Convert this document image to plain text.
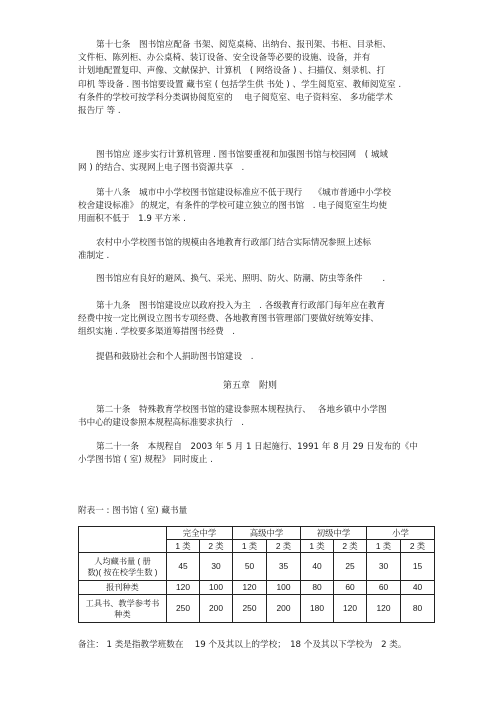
第十七条　图书馆应配备 书架、阅览桌椅、出纳台、报刊架、书柜、目录柜、
文件柜、陈列柜、办公桌椅、装订设备、安全设备等必要的设施、设备，并有
计划地配置复印、声像、文献保护、计算机　( 网络设备 ) 、扫描仪、刻录机、打
印机 等设备 . 图书馆要设置 藏书室 ( 包括学生供 书处 ) 、学生阅览室、教师阅览室 .
有条件的学校可按学科分类调协阅览室的　 电子阅览室、电子资料室、 多功能学术
报告厅 等 .
图书馆应 逐步实行计算机管理 . 图书馆要重视和加强图书馆与校园网　( 城域
网 ) 的结合、实现网上电子图书资源共享　.
第十八条　城市中小学校图书馆建设标准应不低于现行　 《城市普通中小学校
校舍建设标准》 的规定，有条件的学校可建立独立的图书馆　. 电子阅览室生均使
用面积不低于　1.9 平方米 .
农村中小学校图书馆的规模由各地教育行政部门结合实际情况参照上述标
准制定 .
图书馆应有良好的避风、换气、采光、照明、防火、防潮、防虫等条件　　 .
第十九条　图书馆建设应以政府投入为主　. 各级教育行政部门每年应在教育
经费中按一定比例设立图书专项经费、各地教育图书管理部门要做好统筹安排、
组织实施 . 学校要多渠道筹措图书经费　.
提倡和鼓励社会和个人捐助图书馆建设　.

第五章　附则

第二十条　特殊教育学校图书馆的建设参照本规程执行、　 各地乡镇中小学图
书中心的建设参照本规程高标准要求执行　.
第二十一条　本规程自　2003 年 5 月 1 日起施行、1991 年 8 月 29 日发布的《中
小学图书馆 ( 室) 规程》 同时废止 .

附表一 : 图书馆 ( 室) 藏书量

	完全中学		高级中学		初级中学		小学	
	1 类	2 类	1 类	2 类	1 类	2 类	1 类	2 类

人均藏书量 ( 册
数)( 按在校学生数 )	45	30	50	35	40	25	30	15

报刊种类	120	100	120	100	80	60	60	40

工具书、教学参考书
种类	250	200	250	200	180	120	120	80

备注： 1 类是指教学班数在　 19 个及其以上的学校；　18 个及其以下学校为　2 类。
